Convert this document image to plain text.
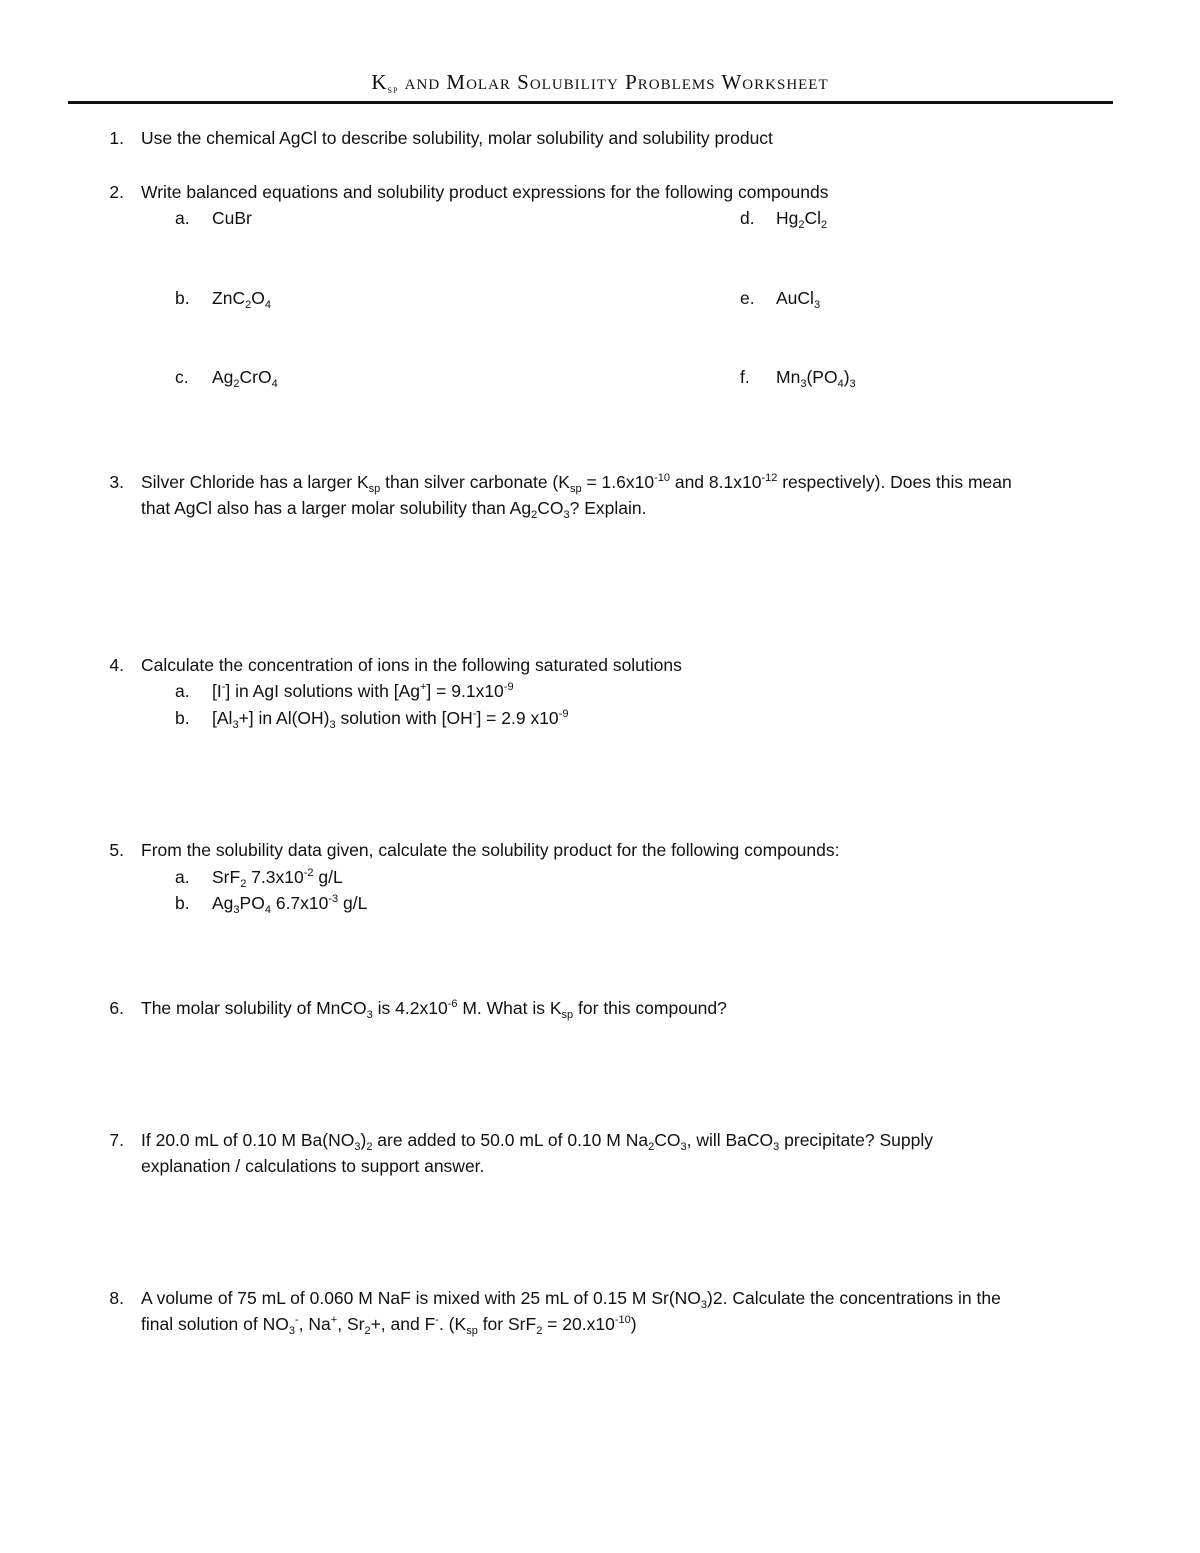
$K_{sp}$ and Molar Solubility Problems Worksheet
1. Use the chemical AgCl to describe solubility, molar solubility and solubility product
2. Write balanced equations and solubility product expressions for the following compounds
a. CuBr
b. $ZnC_2O_4$
c. $Ag_2CrO_4$
d. $Hg_2Cl_2$
e. AuCl$_3$
f. $Mn_3(PO_4)_3$
3. Silver Chloride has a larger $K_{sp}$ than silver carbonate ($K_{sp} = 1.6x10^{-10}$ and $8.1x10^{-12}$ respectively). Does this mean
that AgCl also has a larger molar solubility than $Ag_2CO_3$? Explain.
4. Calculate the concentration of ions in the following saturated solutions
a. [I-] in AgI solutions with $[Ag^+] = 9.1x10^{-9}$
b. $[Al_3+]$ in $Al(OH)_3$ solution with [OH-] = 2.9 $x10^{-9}$
5. From the solubility data given, calculate the solubility product for the following compounds:
a. SrF$_2$ $7.3x10^{-2}$ g/L
b. $Ag_3PO_4$ $6.7x10^{-3}$ g/L
6. The molar solubility of MnCO$_3$ is $4.2x10^{-6}$ M. What is $K_{sp}$ for this compound?
7. If 20.0 mL of 0.10 M $Ba(NO_3)_2$ are added to 50.0 mL of 0.10 M $Na_2CO_3$, will BaCO$_3$ precipitate? Supply
explanation / calculations to support answer.
8. A volume of 75 mL of 0.060 M NaF is mixed with 25 mL of 0.15 M $Sr(NO_3)2$. Calculate the concentrations in the
final solution of $NO_3^-$, Na+, $Sr_2+$, and F-. ($K_{sp}$ for $SrF_2 = 20.x10^{-10}$)
